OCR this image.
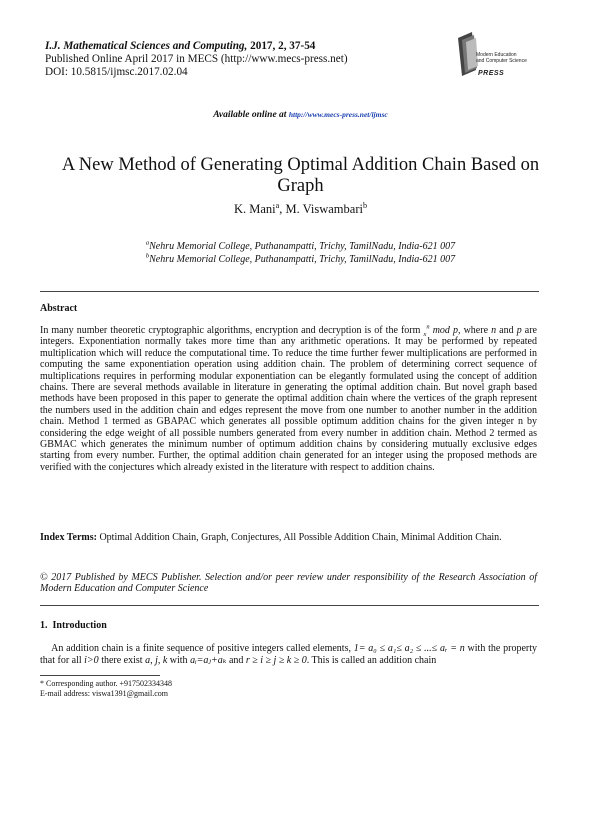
I.J. Mathematical Sciences and Computing, 2017, 2, 37-54
Published Online April 2017 in MECS (http://www.mecs-press.net)
DOI: 10.5815/ijmsc.2017.02.04
Modern Education
and Computer Science
PRESS
Available online at http://www.mecs-press.net/ijmsc
A New Method of Generating Optimal Addition Chain Based on Graph
K. Mani$^a$, M. Viswambari$^b$
$^a$Nehru Memorial College, Puthanampatti, Trichy, TamilNadu, India-621 007
$^b$Nehru Memorial College, Puthanampatti, Trichy, TamilNadu, India-621 007
Abstract
In many number theoretic cryptographic algorithms, encryption and decryption is of the form $_x^n$ mod p, where n and p are integers. Exponentiation normally takes more time than any arithmetic operations. It may be performed by repeated multiplication which will reduce the computational time. To reduce the time further fewer multiplications are performed in computing the same exponentiation operation using addition chain. The problem of determining correct sequence of multiplications requires in performing modular exponentiation can be elegantly formulated using the concept of addition chains. There are several methods available in literature in generating the optimal addition chain. But novel graph based methods have been proposed in this paper to generate the optimal addition chain where the vertices of the graph represent the numbers used in the addition chain and edges represent the move from one number to another number in the addition chain. Method 1 termed as GBAPAC which generates all possible optimum addition chains for the given integer n by considering the edge weight of all possible numbers generated from every number in addition chain. Method 2 termed as GBMAC which generates the minimum number of optimum addition chains by considering mutually exclusive edges starting from every number. Further, the optimal addition chain generated for an integer using the proposed methods are verified with the conjectures which already existed in the literature with respect to addition chains.
Index Terms: Optimal Addition Chain, Graph, Conjectures, All Possible Addition Chain, Minimal Addition Chain.
© 2017 Published by MECS Publisher. Selection and/or peer review under responsibility of the Research Association of Modern Education and Computer Science
1. Introduction
An addition chain is a finite sequence of positive integers called elements, 1= a₀ ≤ a₁≤ a₂ ≤ ...≤ aᵣ = n with the property that for all i>0 there exist a, j, k with aᵢ=aⱼ+aₖ and r ≥ i ≥ j ≥ k ≥ 0. This is called an addition chain
* Corresponding author. +917502334348
E-mail address: viswa1391@gmail.com
